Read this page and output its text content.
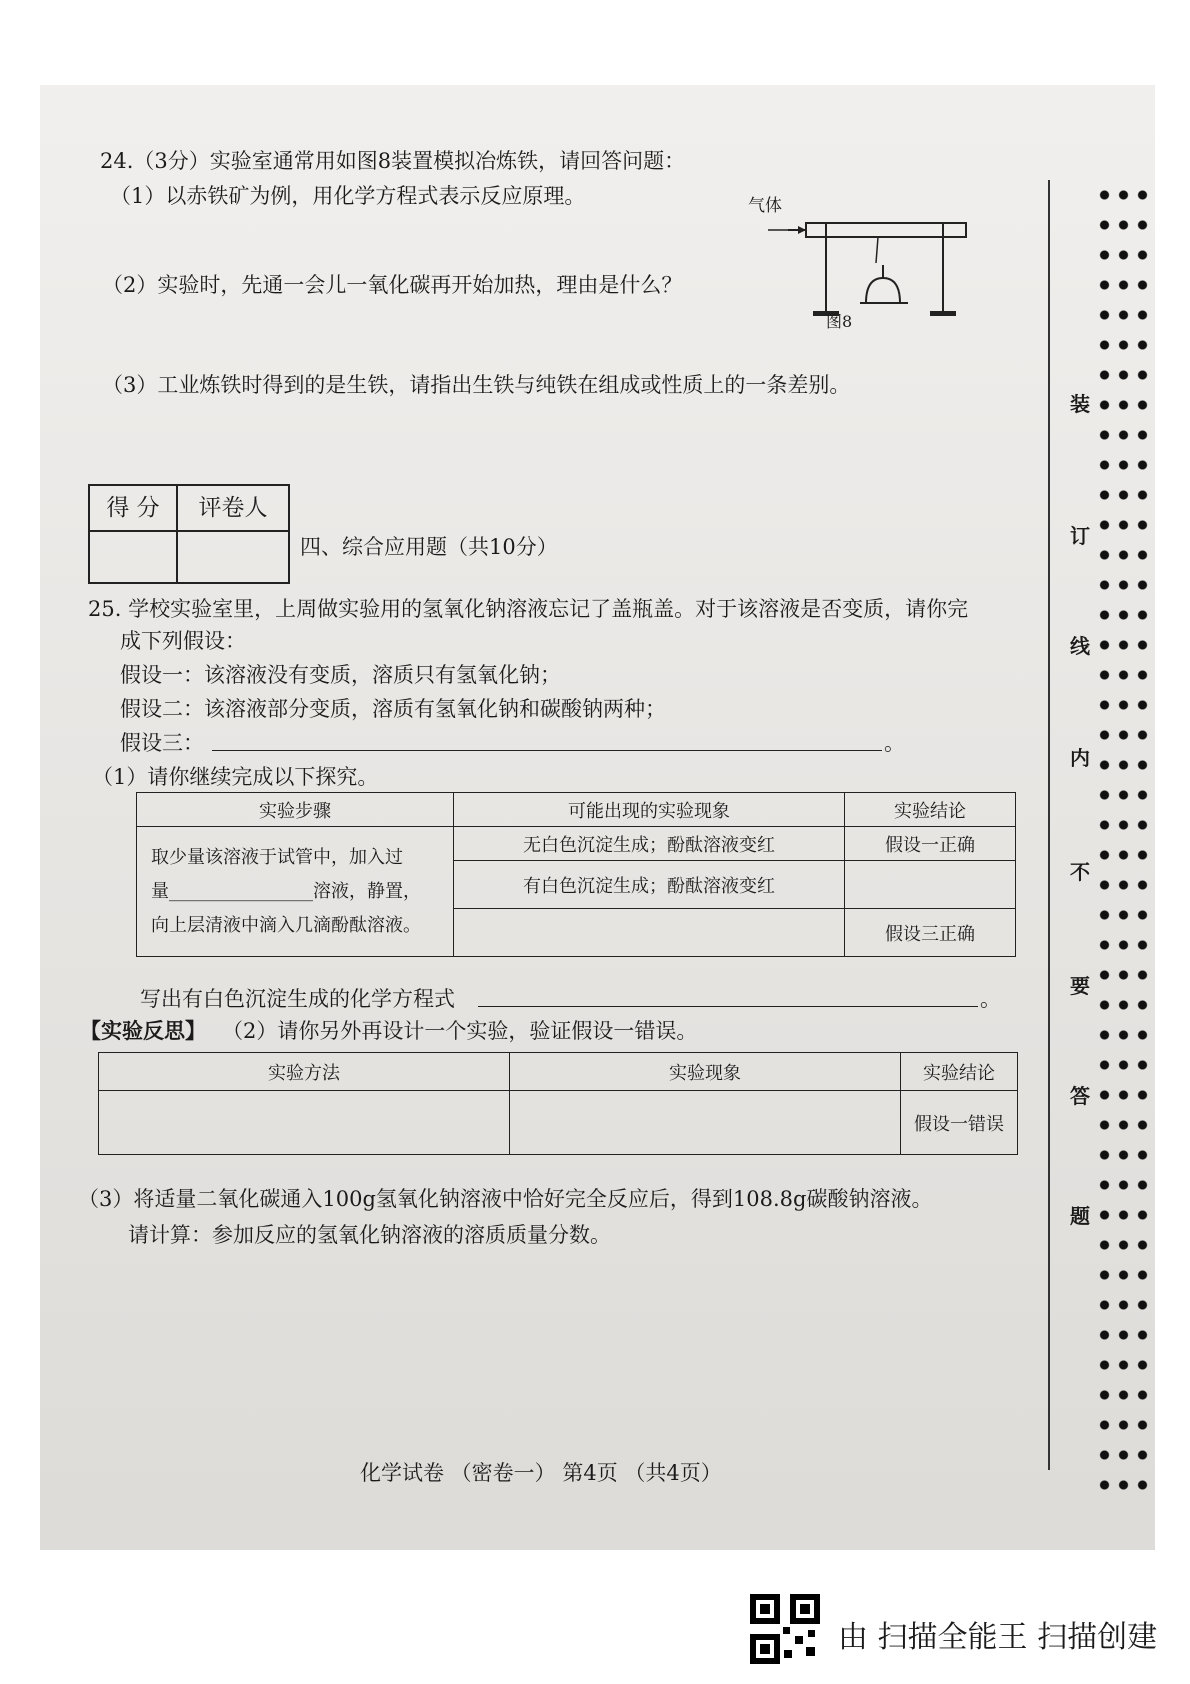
24.（3分）实验室通常用如图8装置模拟冶炼铁，请回答问题：
（1）以赤铁矿为例，用化学方程式表示反应原理。
（2）实验时，先通一会儿一氧化碳再开始加热，理由是什么？
（3）工业炼铁时得到的是生铁，请指出生铁与纯铁在组成或性质上的一条差别。
气体
图8
得 分	评卷人
四、综合应用题（共10分）
25. 学校实验室里，上周做实验用的氢氧化钠溶液忘记了盖瓶盖。对于该溶液是否变质，请你完
成下列假设：
假设一：该溶液没有变质，溶质只有氢氧化钠；
假设二：该溶液部分变质，溶质有氢氧化钠和碳酸钠两种；
假设三：	。
（1）请你继续完成以下探究。
实验步骤	可能出现的实验现象	实验结论

取少量该溶液于试管中，加入过
量________________溶液，静置，
向上层清液中滴入几滴酚酞溶液。	无白色沉淀生成；酚酞溶液变红	假设一正确
	有白色沉淀生成；酚酞溶液变红	
		假设三正确
写出有白色沉淀生成的化学方程式	。
【实验反思】 （2）请你另外再设计一个实验，验证假设一错误。
实验方法	实验现象	实验结论
		假设一错误
（3）将适量二氧化碳通入100g氢氧化钠溶液中恰好完全反应后，得到108.8g碳酸钠溶液。
请计算：参加反应的氢氧化钠溶液的溶质质量分数。
化学试卷 （密卷一） 第4页 （共4页）
装
订
线
内
不
要
答
题
由 扫描全能王 扫描创建
